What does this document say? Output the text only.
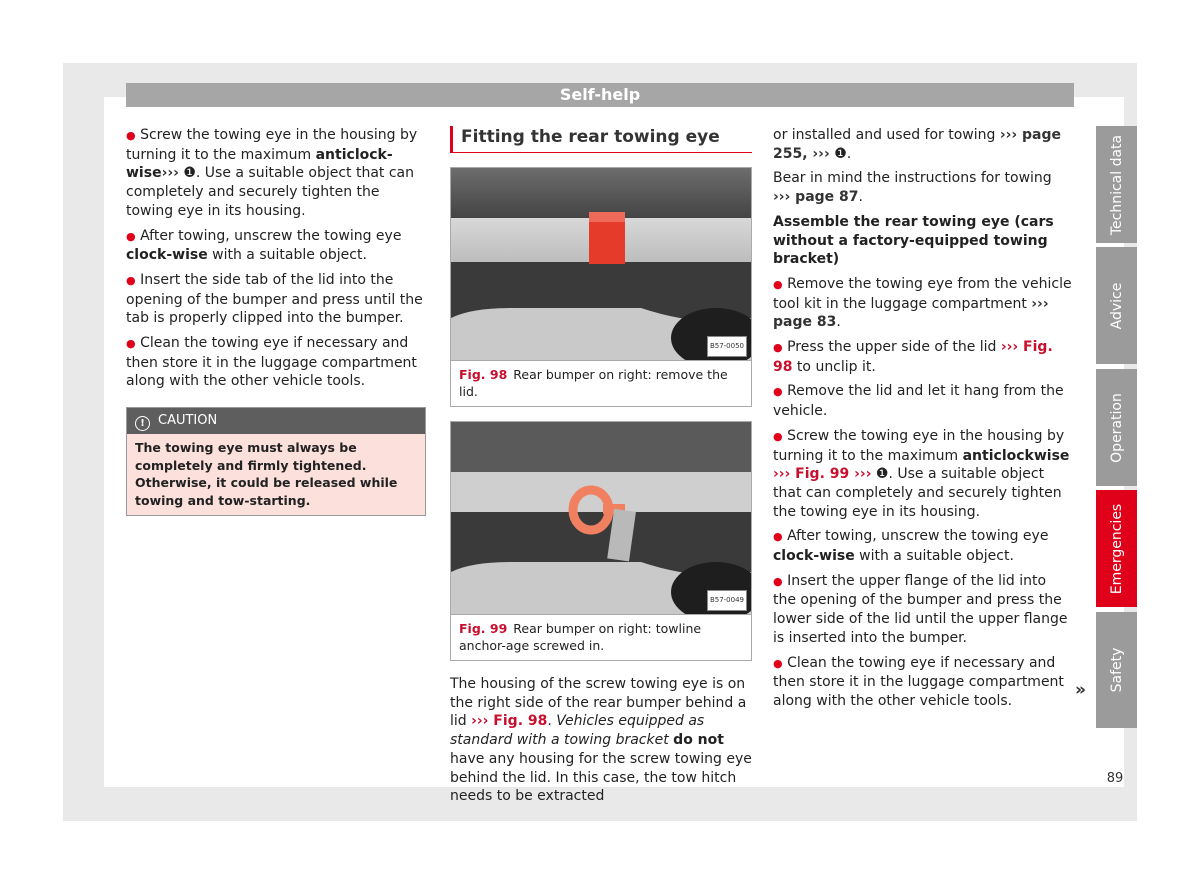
Self-help

● Screw the towing eye in the housing by turning it to the maximum anticlock-wise››› ❶. Use a suitable object that can completely and securely tighten the towing eye in its housing.

● After towing, unscrew the towing eye clock-wise with a suitable object.

● Insert the side tab of the lid into the opening of the bumper and press until the tab is properly clipped into the bumper.

● Clean the towing eye if necessary and then store it in the luggage compartment along with the other vehicle tools.

! CAUTION
The towing eye must always be completely and firmly tightened. Otherwise, it could be released while towing and tow-starting.
Fitting the rear towing eye
B57-0050
Fig. 98 Rear bumper on right: remove the lid.
B57-0049
Fig. 99 Rear bumper on right: towline anchor-age screwed in.

The housing of the screw towing eye is on the right side of the rear bumper behind a lid ››› Fig. 98. Vehicles equipped as standard with a towing bracket do not have any housing for the screw towing eye behind the lid. In this case, the tow hitch needs to be extracted

or installed and used for towing ››› page 255, ››› ❶.

Bear in mind the instructions for towing ››› page 87.

Assemble the rear towing eye (cars without a factory-equipped towing bracket)

● Remove the towing eye from the vehicle tool kit in the luggage compartment ››› page 83.

● Press the upper side of the lid ››› Fig. 98 to unclip it.

● Remove the lid and let it hang from the vehicle.

● Screw the towing eye in the housing by turning it to the maximum anticlockwise ››› Fig. 99 ››› ❶. Use a suitable object that can completely and securely tighten the towing eye in its housing.

● After towing, unscrew the towing eye clock-wise with a suitable object.

● Insert the upper flange of the lid into the opening of the bumper and press the lower side of the lid until the upper flange is inserted into the bumper.

● Clean the towing eye if necessary and then store it in the luggage compartment along with the other vehicle tools.

»
Technical data
Advice
Operation
Emergencies
Safety
89
